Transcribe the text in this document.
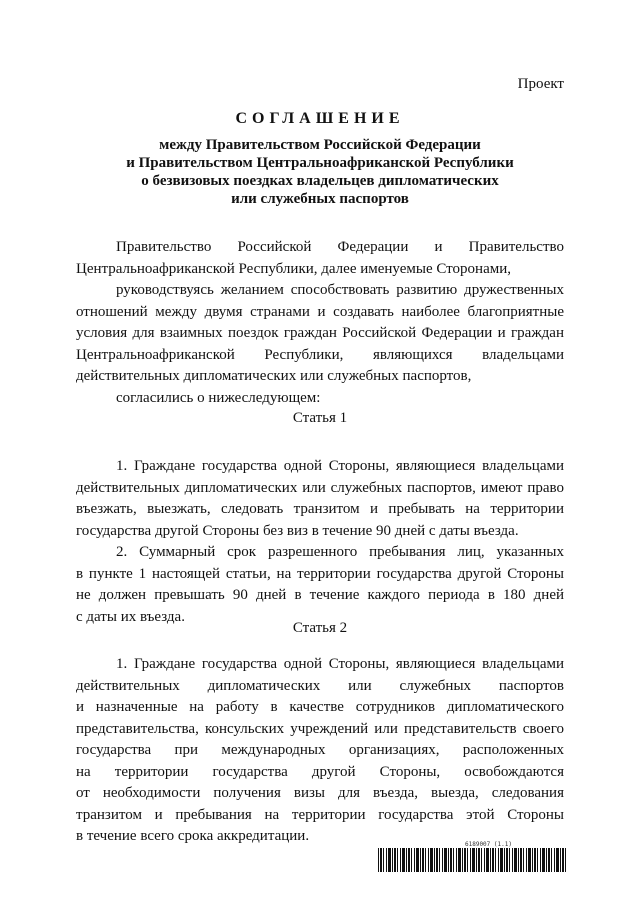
Проект
СОГЛАШЕНИЕ
между Правительством Российской Федерации
и Правительством Центральноафриканской Республики
о безвизовых поездках владельцев дипломатических
или служебных паспортов
Правительство Российской Федерации и Правительство
Центральноафриканской Республики, далее именуемые Сторонами,
руководствуясь желанием способствовать развитию дружественных
отношений между двумя странами и создавать наиболее благоприятные
условия для взаимных поездок граждан Российской Федерации и граждан
Центральноафриканской Республики, являющихся владельцами
действительных дипломатических или служебных паспортов,
согласились о нижеследующем:
Статья 1
1. Граждане государства одной Стороны, являющиеся владельцами
действительных дипломатических или служебных паспортов, имеют право
въезжать, выезжать, следовать транзитом и пребывать на территории
государства другой Стороны без виз в течение 90 дней с даты въезда.
2. Суммарный срок разрешенного пребывания лиц, указанных
в пункте 1 настоящей статьи, на территории государства другой Стороны
не должен превышать 90 дней в течение каждого периода в 180 дней
с даты их въезда.
Статья 2
1. Граждане государства одной Стороны, являющиеся владельцами
действительных дипломатических или служебных паспортов
и назначенные на работу в качестве сотрудников дипломатического
представительства, консульских учреждений или представительств своего
государства при международных организациях, расположенных
на территории государства другой Стороны, освобождаются
от необходимости получения визы для въезда, выезда, следования
транзитом и пребывания на территории государства этой Стороны
в течение всего срока аккредитации.
6189007 (1.1)
